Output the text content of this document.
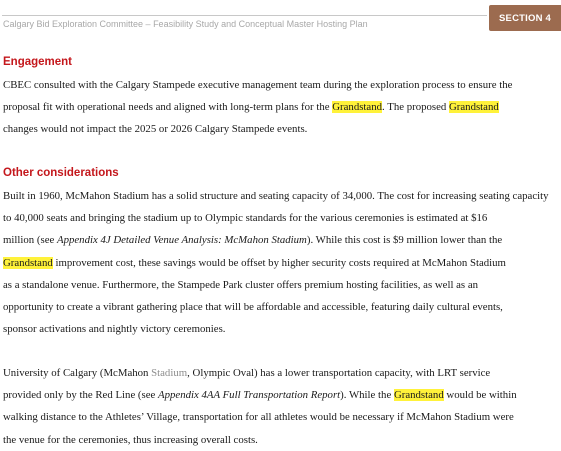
Calgary Bid Exploration Committee – Feasibility Study and Conceptual Master Hosting Plan
SECTION 4
Engagement
CBEC consulted with the Calgary Stampede executive management team during the exploration process to ensure the
proposal fit with operational needs and aligned with long-term plans for the Grandstand. The proposed Grandstand
changes would not impact the 2025 or 2026 Calgary Stampede events.
Other considerations
Built in 1960, McMahon Stadium has a solid structure and seating capacity of 34,000. The cost for increasing seating capacity
to 40,000 seats and bringing the stadium up to Olympic standards for the various ceremonies is estimated at $16
million (see Appendix 4J Detailed Venue Analysis: McMahon Stadium). While this cost is $9 million lower than the
Grandstand improvement cost, these savings would be offset by higher security costs required at McMahon Stadium
as a standalone venue. Furthermore, the Stampede Park cluster offers premium hosting facilities, as well as an
opportunity to create a vibrant gathering place that will be affordable and accessible, featuring daily cultural events,
sponsor activations and nightly victory ceremonies.
University of Calgary (McMahon Stadium, Olympic Oval) has a lower transportation capacity, with LRT service
provided only by the Red Line (see Appendix 4AA Full Transportation Report). While the Grandstand would be within
walking distance to the Athletes’ Village, transportation for all athletes would be necessary if McMahon Stadium were
the venue for the ceremonies, thus increasing overall costs.
